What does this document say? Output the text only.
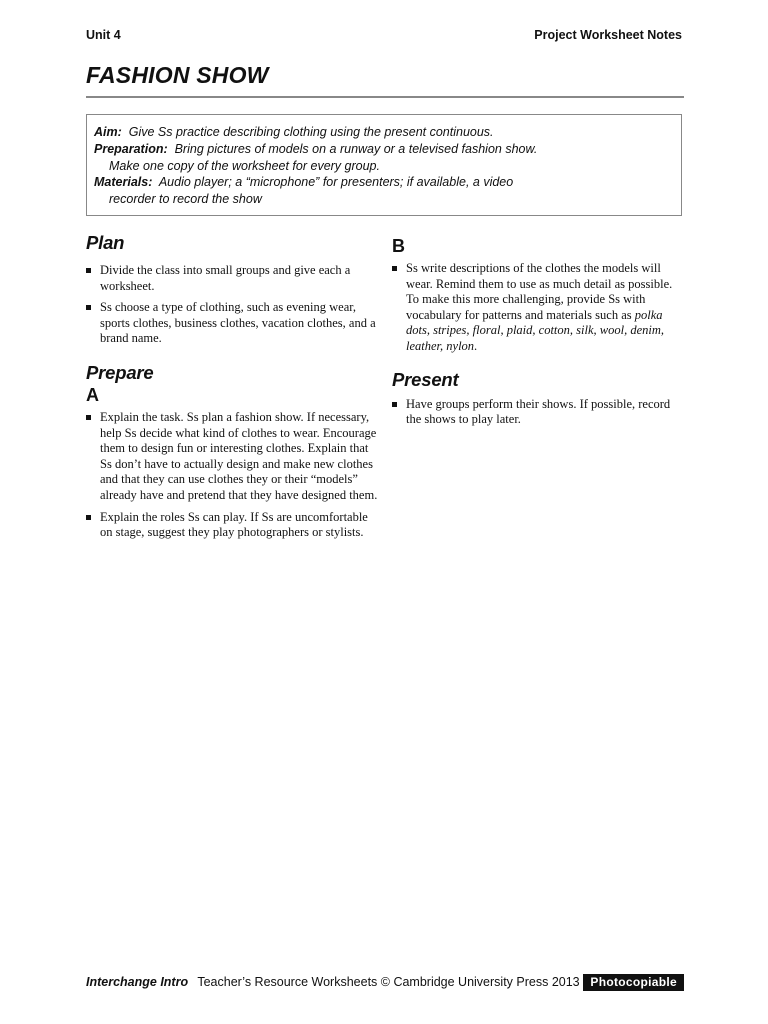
Unit 4	Project Worksheet Notes
FASHION SHOW

Aim: Give Ss practice describing clothing using the present continuous.

Preparation: Bring pictures of models on a runway or a televised fashion show.

Make one copy of the worksheet for every group.

Materials: Audio player; a “microphone” for presenters; if available, a video

recorder to record the show

Plan
Divide the class into small groups and give each a worksheet.
Ss choose a type of clothing, such as evening wear, sports clothes, business clothes, vacation clothes, and a brand name.
Prepare
A
Explain the task. Ss plan a fashion show. If necessary, help Ss decide what kind of clothes to wear. Encourage them to design fun or interesting clothes. Explain that Ss don’t have to actually design and make new clothes and that they can use clothes they or their “models” already have and pretend that they have designed them.
Explain the roles Ss can play. If Ss are uncomfortable on stage, suggest they play photographers or stylists.
B
Ss write descriptions of the clothes the models will wear. Remind them to use as much detail as possible. To make this more challenging, provide Ss with vocabulary for patterns and materials such as polka dots, stripes, floral, plaid, cotton, silk, wool, denim, leather, nylon.
Present
Have groups perform their shows. If possible, record the shows to play later.
Interchange Intro Teacher’s Resource Worksheets © Cambridge University Press 2013 Photocopiable
